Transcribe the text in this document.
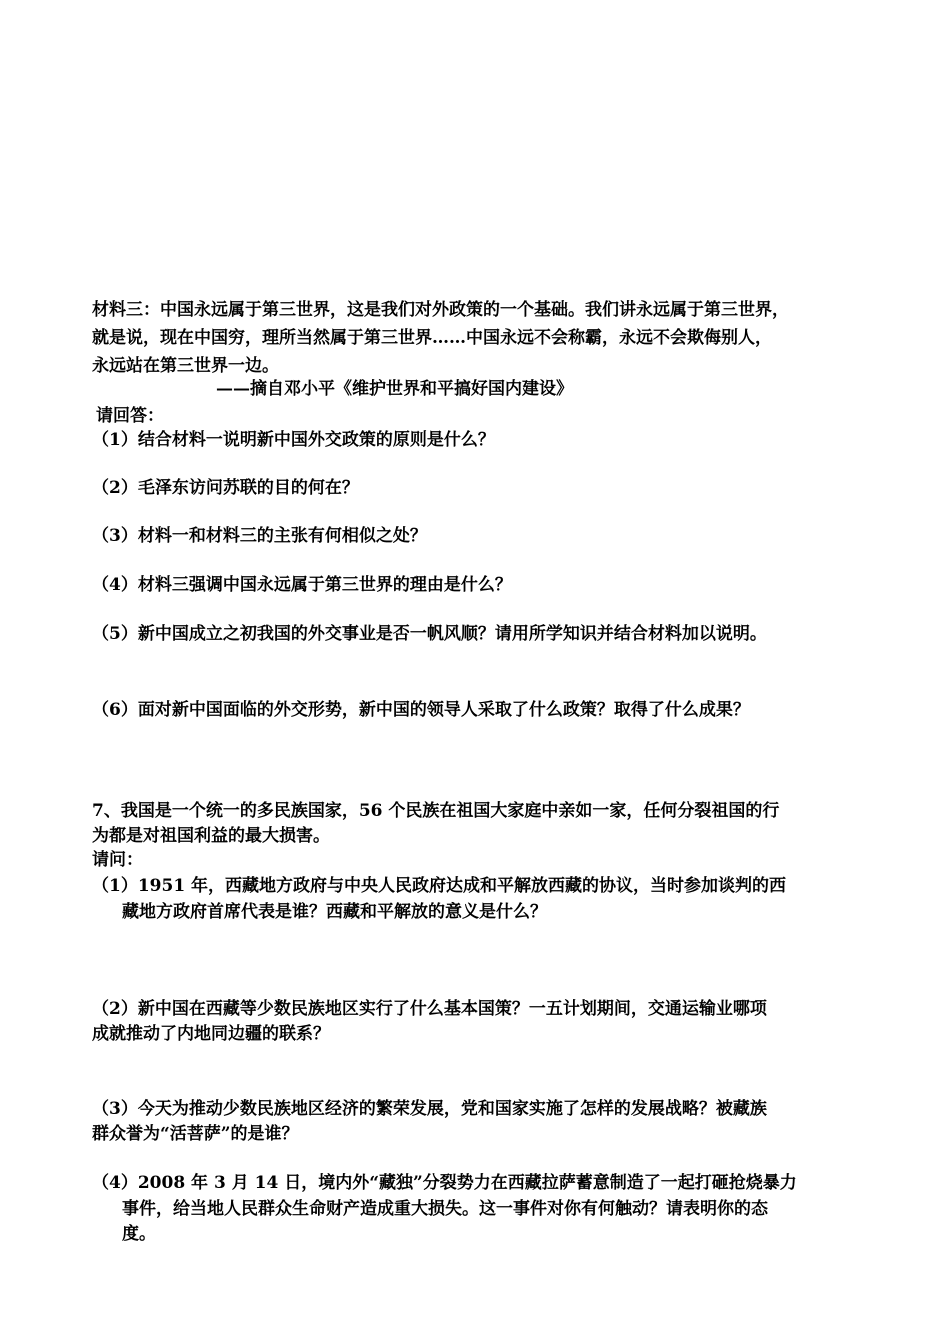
材料三：中国永远属于第三世界，这是我们对外政策的一个基础。我们讲永远属于第三世界，
就是说，现在中国穷，理所当然属于第三世界……中国永远不会称霸，永远不会欺侮别人，
永远站在第三世界一边。
——摘自邓小平《维护世界和平搞好国内建设》
请回答：
（1）结合材料一说明新中国外交政策的原则是什么？
（2）毛泽东访问苏联的目的何在？
（3）材料一和材料三的主张有何相似之处？
（4）材料三强调中国永远属于第三世界的理由是什么？
（5）新中国成立之初我国的外交事业是否一帆风顺？请用所学知识并结合材料加以说明。
（6）面对新中国面临的外交形势，新中国的领导人采取了什么政策？取得了什么成果？
7、我国是一个统一的多民族国家，56 个民族在祖国大家庭中亲如一家，任何分裂祖国的行
为都是对祖国利益的最大损害。
请问：
（1）1951 年，西藏地方政府与中央人民政府达成和平解放西藏的协议，当时参加谈判的西
藏地方政府首席代表是谁？西藏和平解放的意义是什么？
（2）新中国在西藏等少数民族地区实行了什么基本国策？一五计划期间，交通运输业哪项
成就推动了内地同边疆的联系？
（3）今天为推动少数民族地区经济的繁荣发展，党和国家实施了怎样的发展战略？被藏族
群众誉为“活菩萨”的是谁？
（4）2008 年 3 月 14 日，境内外“藏独”分裂势力在西藏拉萨蓄意制造了一起打砸抢烧暴力
事件，给当地人民群众生命财产造成重大损失。这一事件对你有何触动？请表明你的态
度。
